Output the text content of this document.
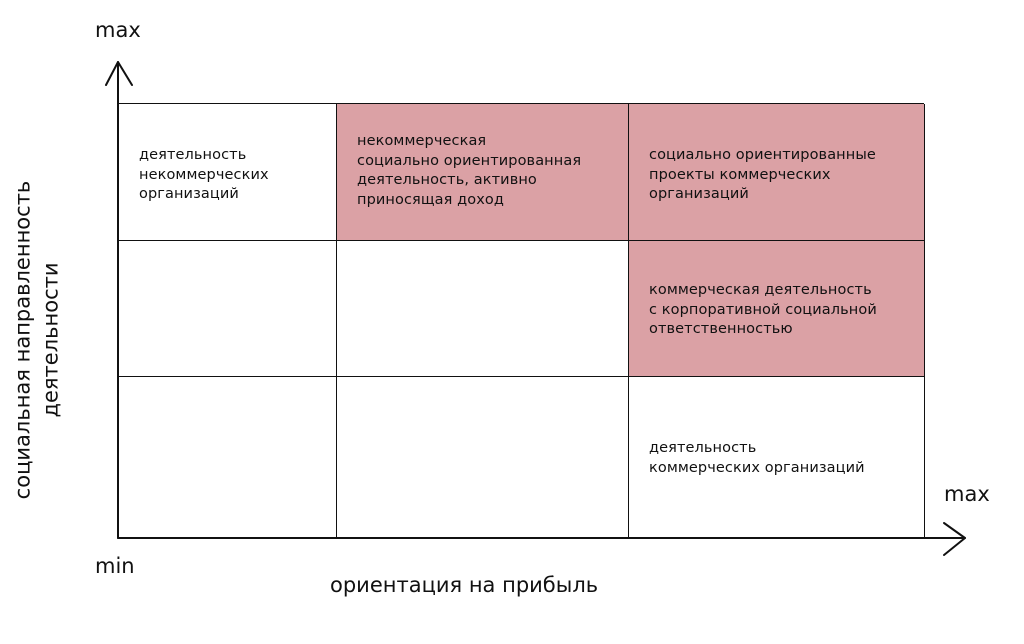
деятельность
некоммерческих
организаций
некоммерческая
социально ориентированная
деятельность, активно
приносящая доход
социально ориентированные
проекты коммерческих
организаций
коммерческая деятельность
с корпоративной социальной
ответственностью
деятельность
коммерческих организаций
max
min
max
ориентация на прибыль
социальная направленность
деятельности
